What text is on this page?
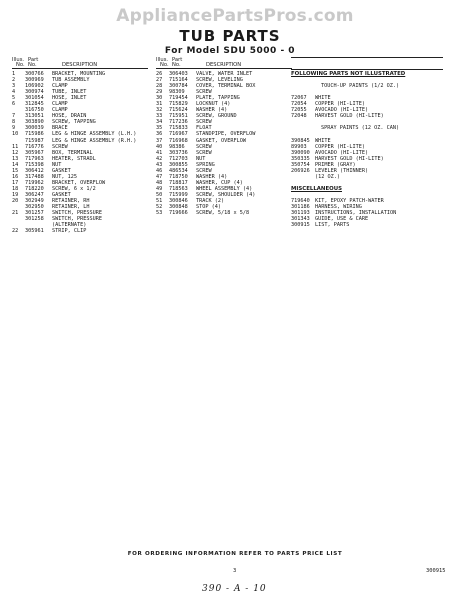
AppliancePartsPros.com
TUB PARTS
For Model SDU 5000 - 0
Illus. Part
No. No.	DESCRIPTION
Illus. Part
No. No.	DESCRIPTION
1 300766 BRACKET, MOUNTING
2 300969 TUB ASSEMBLY
3 106902 CLAMP
4 300974 TUBE, INLET
5 301054 HOSE, INLET
6 312845 CLAMP
316750 CLAMP
7 313051 HOSE, DRAIN
8 303890 SCREW, TAPPING
9 300039 BRACE
10 715986 LEG & HINGE ASSEMBLY (L.H.)
715987 LEG & HINGE ASSEMBLY (R.H.)
11 716776 SCREW
12 305967 BOX, TERMINAL
13 717963 HEATER, STRADL
14 715398 NUT
15 306412 GASKET
16 317488 NUT, 125
17 719962 BRACKET, OVERFLOW
18 718220 SCREW, 6 x 1/2
19 306247 GASKET
20 302949 RETAINER, RH
302950 RETAINER, LH
21 301257 SWITCH, PRESSURE
301258 SWITCH, PRESSURE
(ALTERNATE)
22 305961 STRIP, CLIP
26 306403 VALVE, WATER INLET
27 715164 SCREW, LEVELING
28 300784 COVER, TERMINAL BOX
29 98309 SCREW
30 719454 PLATE, TAPPING
31 715829 LOCKNUT (4)
32 715624 WASHER (4)
33 715951 SCREW, GROUND
34 717236 SCREW
35 715833 FLOAT
36 716967 STANDPIPE, OVERFLOW
37 716968 GASKET, OVERFLOW
40 98386 SCREW
41 303736 SCREW
42 712703 NUT
43 300855 SPRING
46 486534 SCREW
47 718750 WASHER (4)
48 718817 WASHER, CUP (4)
49 718563 WHEEL ASSEMBLY (4)
50 715999 SCREW, SHOULDER (4)
51 300846 TRACK (2)
52 300848 STOP (4)
53 719666 SCREW, 5/18 x 5/8
FOLLOWING PARTS NOT ILLUSTRATED
TOUCH-UP PAINTS (1/2 OZ.)
72067 WHITE
72054 COPPER (HI-LITE)
72055 AVOCADO (HI-LITE)
72048 HARVEST GOLD (HI-LITE)
SPRAY PAINTS (12 OZ. CAN)
390845 WHITE
89903 COPPER (HI-LITE)
390090 AVOCADO (HI-LITE)
350335 HARVEST GOLD (HI-LITE)
350754 PRIMER (GRAY)
206926 LEVELER (THINNER)
(12 OZ.)
MISCELLANEOUS
719640 KIT, EPOXY PATCH-WATER
301186 HARNESS, WIRING
301193 INSTRUCTIONS, INSTALLATION
301343 GUIDE, USE & CARE
300915 LIST, PARTS
FOR ORDERING INFORMATION REFER TO PARTS PRICE LIST
3	300915
390 - A - 10
